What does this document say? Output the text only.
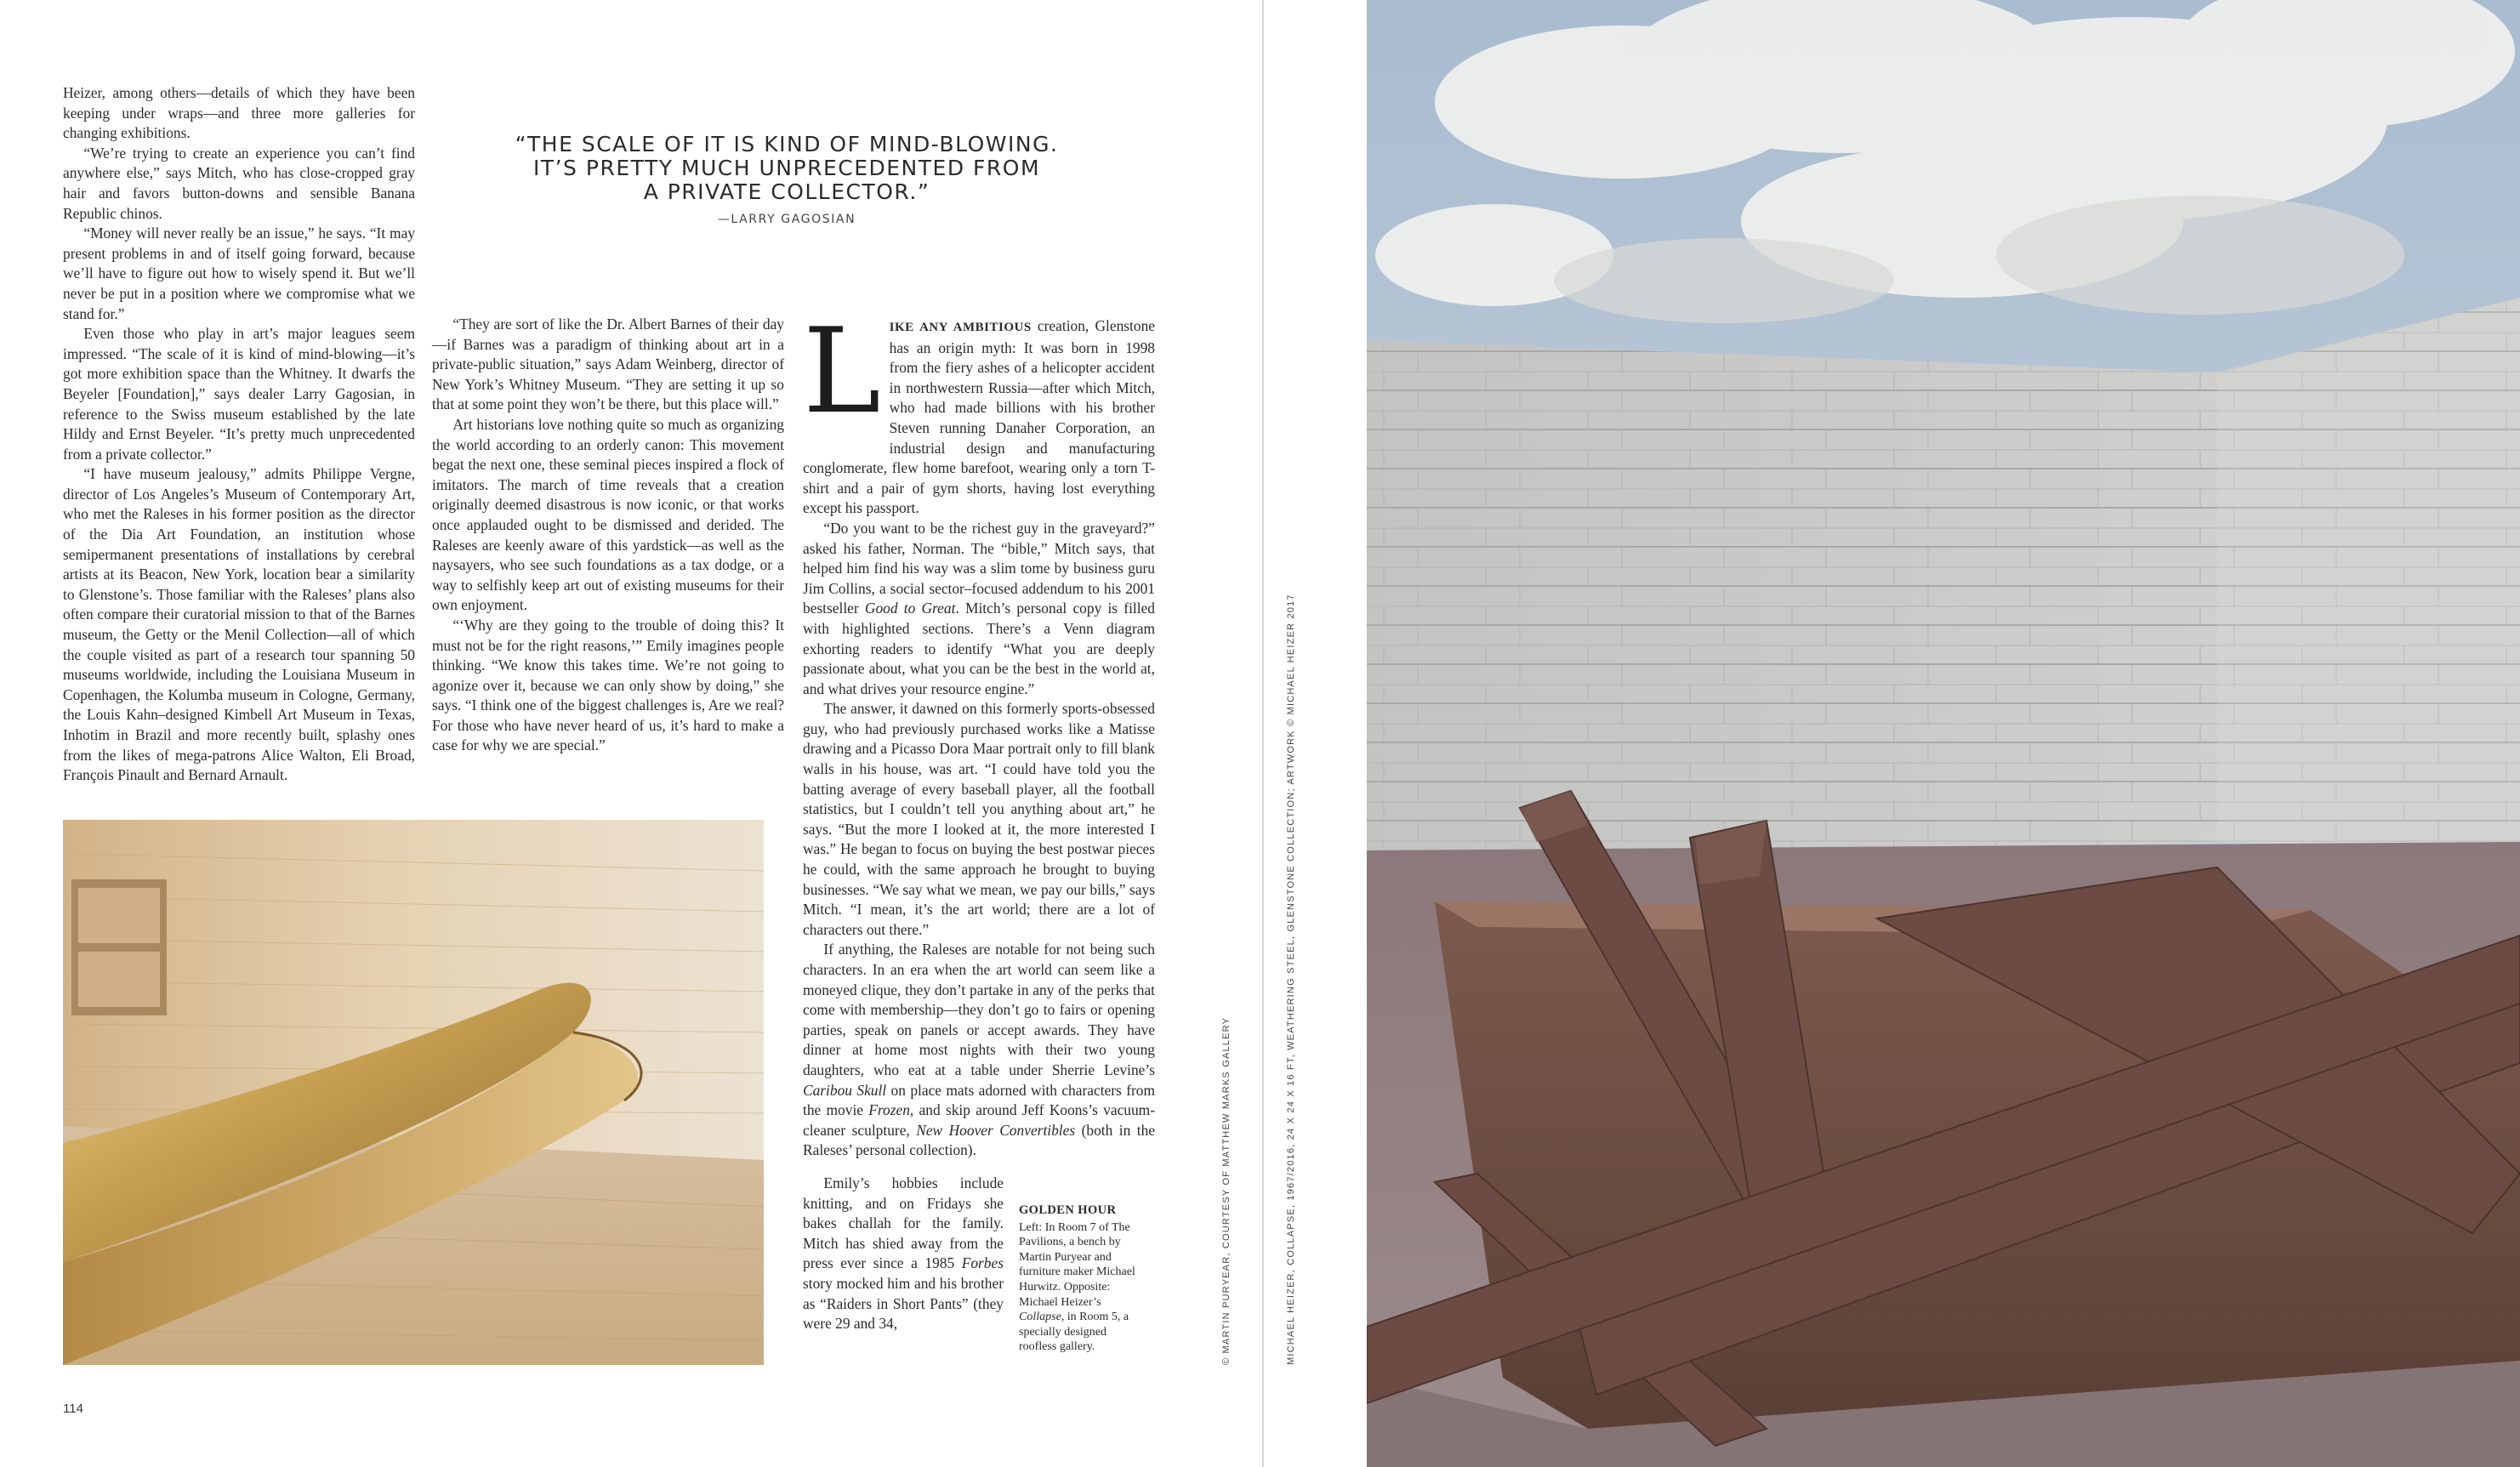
Heizer, among others—details of which they have been keeping under wraps—and three more galleries for changing exhibitions.

“We’re trying to create an experience you can’t find anywhere else,” says Mitch, who has close-cropped gray hair and favors button-downs and sensible Banana Republic chinos.

“Money will never really be an issue,” he says. “It may present problems in and of itself going forward, because we’ll have to figure out how to wisely spend it. But we’ll never be put in a position where we compromise what we stand for.”

Even those who play in art’s major leagues seem impressed. “The scale of it is kind of mind-blowing—it’s got more exhibition space than the Whitney. It dwarfs the Beyeler [Foundation],” says dealer Larry Gagosian, in reference to the Swiss museum established by the late Hildy and Ernst Beyeler. “It’s pretty much unprecedented from a private collector.”

“I have museum jealousy,” admits Philippe Vergne, director of Los Angeles’s Museum of Contemporary Art, who met the Raleses in his former position as the director of the Dia Art Foundation, an institution whose semipermanent presentations of installations by cerebral artists at its Beacon, New York, location bear a similarity to Glenstone’s. Those familiar with the Raleses’ plans also often compare their curatorial mission to that of the Barnes museum, the Getty or the Menil Collection—all of which the couple visited as part of a research tour spanning 50 museums worldwide, including the Louisiana Museum in Copenhagen, the Kolumba museum in Cologne, Germany, the Louis Kahn–designed Kimbell Art Museum in Texas, Inhotim in Brazil and more recently built, splashy ones from the likes of mega-patrons Alice Walton, Eli Broad, François Pinault and Bernard Arnault.

“THE SCALE OF IT IS KIND OF MIND-BLOWING.
IT’S PRETTY MUCH UNPRECEDENTED FROM
A PRIVATE COLLECTOR.”
—LARRY GAGOSIAN

“They are sort of like the Dr. Albert Barnes of their day—if Barnes was a paradigm of thinking about art in a private-public situation,” says Adam Weinberg, director of New York’s Whitney Museum. “They are setting it up so that at some point they won’t be there, but this place will.”

Art historians love nothing quite so much as organizing the world according to an orderly canon: This movement begat the next one, these seminal pieces inspired a flock of imitators. The march of time reveals that a creation originally deemed disastrous is now iconic, or that works once applauded ought to be dismissed and derided. The Raleses are keenly aware of this yardstick—as well as the naysayers, who see such foundations as a tax dodge, or a way to selfishly keep art out of existing museums for their own enjoyment.

“‘Why are they going to the trouble of doing this? It must not be for the right reasons,’” Emily imagines people thinking. “We know this takes time. We’re not going to agonize over it, because we can only show by doing,” she says. “I think one of the biggest challenges is, Are we real? For those who have never heard of us, it’s hard to make a case for why we are special.”

LIKE ANY AMBITIOUS creation, Glenstone has an origin myth: It was born in 1998 from the fiery ashes of a helicopter accident in northwestern Russia—after which Mitch, who had made billions with his brother Steven running Danaher Corporation, an industrial design and manufacturing conglomerate, flew home barefoot, wearing only a torn T-shirt and a pair of gym shorts, having lost everything except his passport.

“Do you want to be the richest guy in the graveyard?” asked his father, Norman. The “bible,” Mitch says, that helped him find his way was a slim tome by business guru Jim Collins, a social sector–focused addendum to his 2001 bestseller Good to Great. Mitch’s personal copy is filled with highlighted sections. There’s a Venn diagram exhorting readers to identify “What you are deeply passionate about, what you can be the best in the world at, and what drives your resource engine.”

The answer, it dawned on this formerly sports-obsessed guy, who had previously purchased works like a Matisse drawing and a Picasso Dora Maar portrait only to fill blank walls in his house, was art. “I could have told you the batting average of every baseball player, all the football statistics, but I couldn’t tell you anything about art,” he says. “But the more I looked at it, the more interested I was.” He began to focus on buying the best postwar pieces he could, with the same approach he brought to buying businesses. “We say what we mean, we pay our bills,” says Mitch. “I mean, it’s the art world; there are a lot of characters out there.”

If anything, the Raleses are notable for not being such characters. In an era when the art world can seem like a moneyed clique, they don’t partake in any of the perks that come with membership—they don’t go to fairs or opening parties, speak on panels or accept awards. They have dinner at home most nights with their two young daughters, who eat at a table under Sherrie Levine’s Caribou Skull on place mats adorned with characters from the movie Frozen, and skip around Jeff Koons’s vacuum-cleaner sculpture, New Hoover Convertibles (both in the Raleses’ personal collection).

Emily’s hobbies include knitting, and on Fridays she bakes challah for the family. Mitch has shied away from the press ever since a 1985 Forbes story mocked him and his brother as “Raiders in Short Pants” (they were 29 and 34,

GOLDEN HOUR
Left: In Room 7 of The Pavilions, a bench by Martin Puryear and furniture maker Michael Hurwitz. Opposite: Michael Heizer’s Collapse, in Room 5, a specially designed roofless gallery.	© MARTIN PURYEAR, COURTESY OF MATTHEW MARKS GALLERY
114
MICHAEL HEIZER, COLLAPSE, 1967/2016, 24 X 24 X 16 FT, WEATHERING STEEL, GLENSTONE COLLECTION; ARTWORK © MICHAEL HEIZER 2017
